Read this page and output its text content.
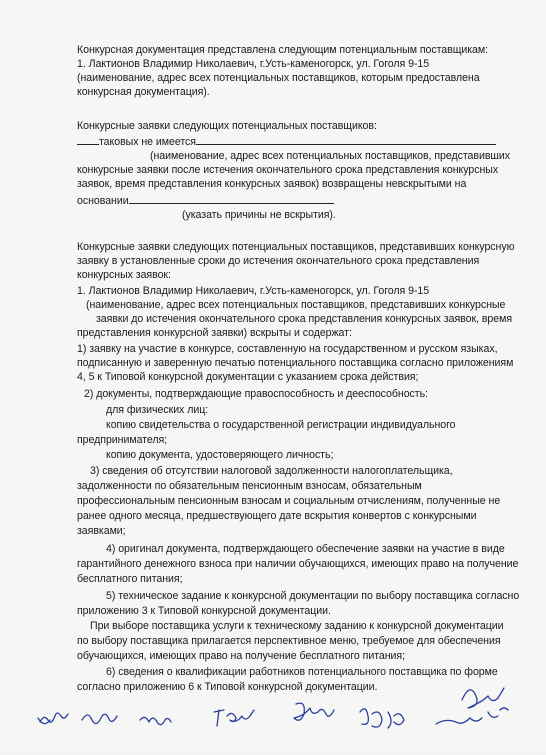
Конкурсная документация представлена следующим потенциальным поставщикам:
1. Лактионов Владимир Николаевич, г.Усть-каменогорск, ул. Гоголя 9-15
(наименование, адрес всех потенциальных поставщиков, которым предоставлена
конкурсная документация).
Конкурсные заявки следующих потенциальных поставщиков:
таковых не имеется
(наименование, адрес всех потенциальных поставщиков, представивших
конкурсные заявки после истечения окончательного срока представления конкурсных
заявок, время представления конкурсных заявок) возвращены невскрытыми на
основании
(указать причины не вскрытия).
Конкурсные заявки следующих потенциальных поставщиков, представивших конкурсную
заявку в установленные сроки до истечения окончательного срока представления
конкурсных заявок:
1. Лактионов Владимир Николаевич, г.Усть-каменогорск, ул. Гоголя 9-15
(наименование, адрес всех потенциальных поставщиков, представивших конкурсные
заявки до истечения окончательного срока представления конкурсных заявок, время
представления конкурсной заявки) вскрыты и содержат:
1) заявку на участие в конкурсе, составленную на государственном и русском языках,
подписанную и заверенную печатью потенциального поставщика согласно приложениям
4, 5 к Типовой конкурсной документации с указанием срока действия;
2) документы, подтверждающие правоспособность и дееспособность:
для физических лиц:
копию свидетельства о государственной регистрации индивидуального
предпринимателя;
копию документа, удостоверяющего личность;
3) сведения об отсутствии налоговой задолженности налогоплательщика,
задолженности по обязательным пенсионным взносам, обязательным
профессиональным пенсионным взносам и социальным отчислениям, полученные не
ранее одного месяца, предшествующего дате вскрытия конвертов с конкурсными
заявками;
4) оригинал документа, подтверждающего обеспечение заявки на участие в виде
гарантийного денежного взноса при наличии обучающихся, имеющих право на получение
бесплатного питания;
5) техническое задание к конкурсной документации по выбору поставщика согласно
приложению 3 к Типовой конкурсной документации.
При выборе поставщика услуги к техническому заданию к конкурсной документации
по выбору поставщика прилагается перспективное меню, требуемое для обеспечения
обучающихся, имеющих право на получение бесплатного питания;
6) сведения о квалификации работников потенциального поставщика по форме
согласно приложению 6 к Типовой конкурсной документации.
